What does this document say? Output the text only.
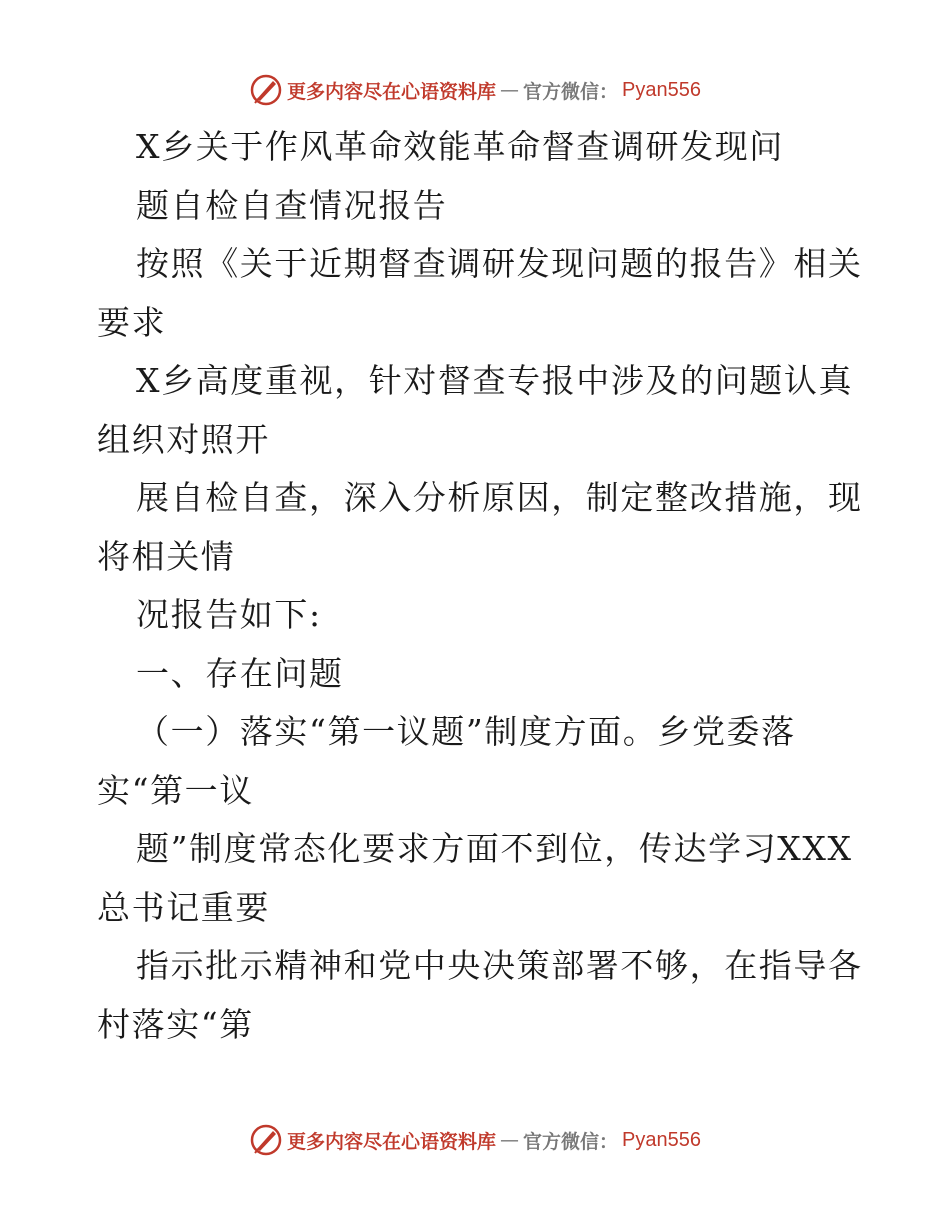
更多内容尽在心语资料库 — 官方微信： Pyan556
X乡关于作风革命效能革命督查调研发现问
题自检自查情况报告
按照《关于近期督查调研发现问题的报告》相关
要求
X乡高度重视，针对督查专报中涉及的问题认真
组织对照开
展自检自查，深入分析原因，制定整改措施，现
将相关情
况报告如下:
一、存在问题
（一）落实“第一议题”制度方面。乡党委落
实“第一议
题”制度常态化要求方面不到位，传达学习XXX
总书记重要
指示批示精神和党中央决策部署不够，在指导各
村落实“第
更多内容尽在心语资料库 — 官方微信： Pyan556
